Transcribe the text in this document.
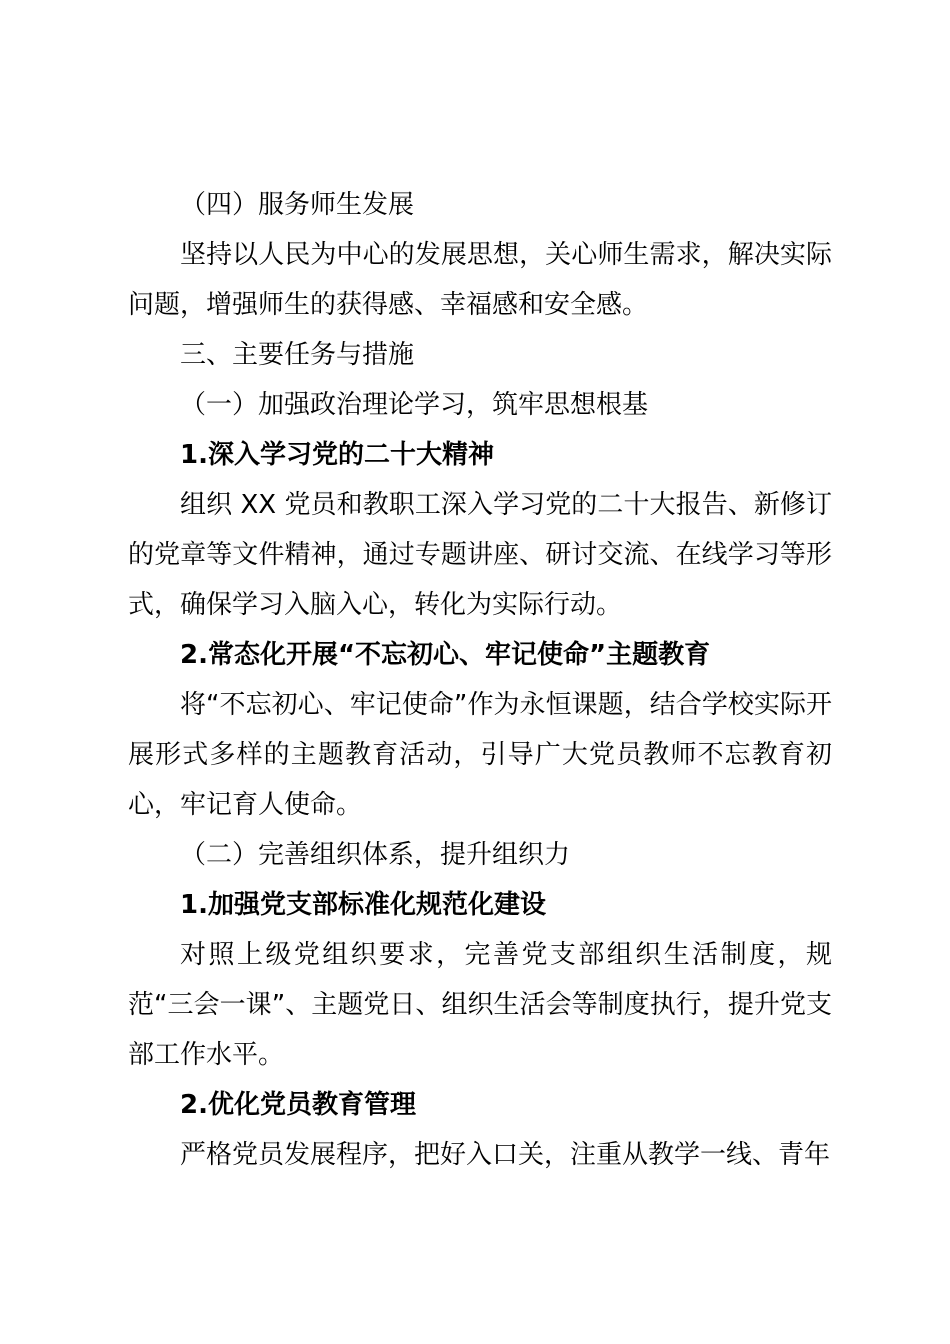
（四）服务师生发展

坚持以人民为中心的发展思想，关心师生需求，解决实际问题，增强师生的获得感、幸福感和安全感。

三、主要任务与措施

（一）加强政治理论学习，筑牢思想根基

1.深入学习党的二十大精神

组织 XX 党员和教职工深入学习党的二十大报告、新修订的党章等文件精神，通过专题讲座、研讨交流、在线学习等形式，确保学习入脑入心，转化为实际行动。

2.常态化开展“不忘初心、牢记使命”主题教育

将“不忘初心、牢记使命”作为永恒课题，结合学校实际开展形式多样的主题教育活动，引导广大党员教师不忘教育初心，牢记育人使命。

（二）完善组织体系，提升组织力

1.加强党支部标准化规范化建设

对照上级党组织要求，完善党支部组织生活制度，规范“三会一课”、主题党日、组织生活会等制度执行，提升党支部工作水平。

2.优化党员教育管理

严格党员发展程序，把好入口关，注重从教学一线、青年
